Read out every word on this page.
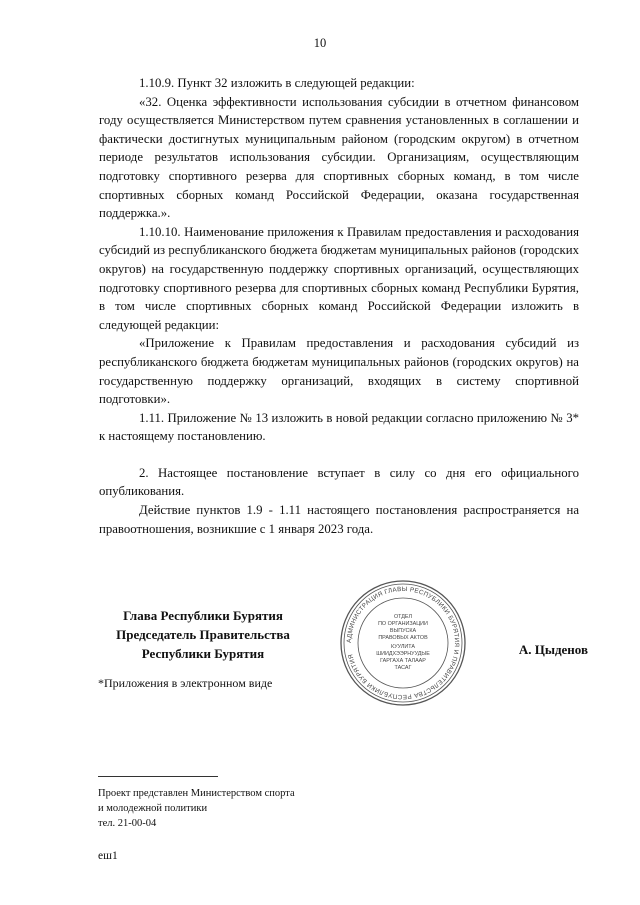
10

1.10.9. Пункт 32 изложить в следующей редакции:

«32. Оценка эффективности использования субсидии в отчетном финансовом году осуществляется Министерством путем сравнения установленных в соглашении и фактически достигнутых муниципальным районом (городским округом) в отчетном периоде результатов использования субсидии. Организациям, осуществляющим подготовку спортивного резерва для спортивных сборных команд, в том числе спортивных сборных команд Российской Федерации, оказана государственная поддержка.».

1.10.10. Наименование приложения к Правилам предоставления и расходования субсидий из республиканского бюджета бюджетам муниципальных районов (городских округов) на государственную поддержку спортивных организаций, осуществляющих подготовку спортивного резерва для спортивных сборных команд Республики Бурятия, в том числе спортивных сборных команд Российской Федерации изложить в следующей редакции:

«Приложение к Правилам предоставления и расходования субсидий из республиканского бюджета бюджетам муниципальных районов (городских округов) на государственную поддержку организаций, входящих в систему спортивной подготовки».

1.11. Приложение № 13 изложить в новой редакции согласно приложению № 3* к настоящему постановлению.

2. Настоящее постановление вступает в силу со дня его официального опубликования.

Действие пунктов 1.9 - 1.11 настоящего постановления распространяется на правоотношения, возникшие с 1 января 2023 года.

Глава Республики Бурятия
Председатель Правительства
Республики Бурятия	А. Цыденов
АДМИНИСТРАЦИЯ ГЛАВЫ РЕСПУБЛИКИ БУРЯТИЯ И ПРАВИТЕЛЬСТВА РЕСПУБЛИКИ БУРЯТИЯ
ОТДЕЛ
ПО ОРГАНИЗАЦИИ
ВЫПУСКА
ПРАВОВЫХ АКТОВ
КУУЛИТА
ШИИДХЭЭРНУУДЫЕ
ГАРГАХА ТАЛААР
ТАСАГ
*Приложения в электронном виде
Проект представлен Министерством спорта
и молодежной политики
тел. 21-00-04
еш1
